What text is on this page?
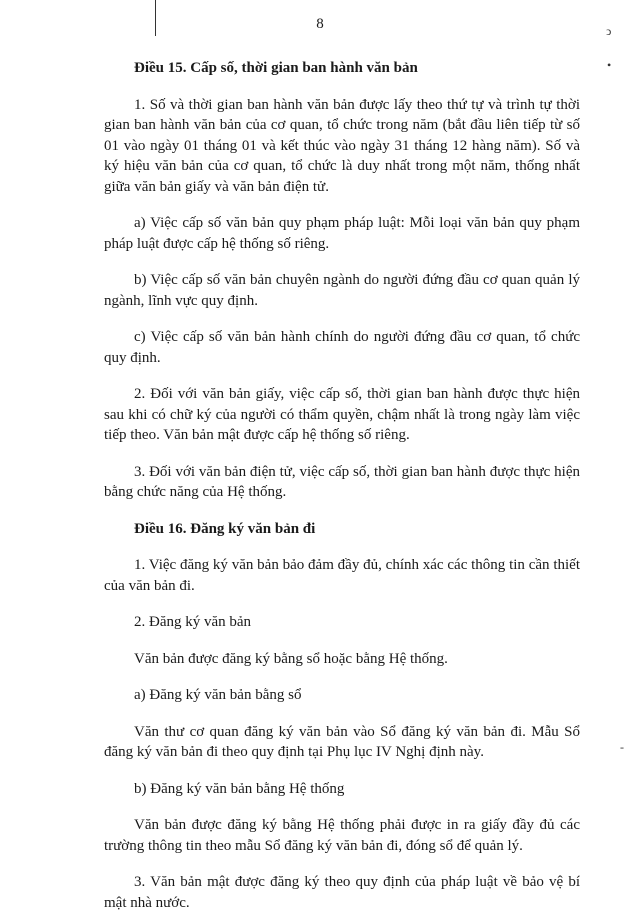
ͻ
•
-
8
Điều 15. Cấp số, thời gian ban hành văn bản

1. Số và thời gian ban hành văn bản được lấy theo thứ tự và trình tự thời gian ban hành văn bản của cơ quan, tổ chức trong năm (bắt đầu liên tiếp từ số 01 vào ngày 01 tháng 01 và kết thúc vào ngày 31 tháng 12 hàng năm). Số và ký hiệu văn bản của cơ quan, tổ chức là duy nhất trong một năm, thống nhất giữa văn bản giấy và văn bản điện tử.

a) Việc cấp số văn bản quy phạm pháp luật: Mỗi loại văn bản quy phạm pháp luật được cấp hệ thống số riêng.

b) Việc cấp số văn bản chuyên ngành do người đứng đầu cơ quan quản lý ngành, lĩnh vực quy định.

c) Việc cấp số văn bản hành chính do người đứng đầu cơ quan, tổ chức quy định.

2. Đối với văn bản giấy, việc cấp số, thời gian ban hành được thực hiện sau khi có chữ ký của người có thẩm quyền, chậm nhất là trong ngày làm việc tiếp theo. Văn bản mật được cấp hệ thống số riêng.

3. Đối với văn bản điện tử, việc cấp số, thời gian ban hành được thực hiện bằng chức năng của Hệ thống.

Điều 16. Đăng ký văn bản đi

1. Việc đăng ký văn bản bảo đảm đầy đủ, chính xác các thông tin cần thiết của văn bản đi.

2. Đăng ký văn bản

Văn bản được đăng ký bằng sổ hoặc bằng Hệ thống.

a) Đăng ký văn bản bằng sổ

Văn thư cơ quan đăng ký văn bản vào Sổ đăng ký văn bản đi. Mẫu Sổ đăng ký văn bản đi theo quy định tại Phụ lục IV Nghị định này.

b) Đăng ký văn bản bằng Hệ thống

Văn bản được đăng ký bằng Hệ thống phải được in ra giấy đầy đủ các trường thông tin theo mẫu Sổ đăng ký văn bản đi, đóng sổ để quản lý.

3. Văn bản mật được đăng ký theo quy định của pháp luật về bảo vệ bí mật nhà nước.
